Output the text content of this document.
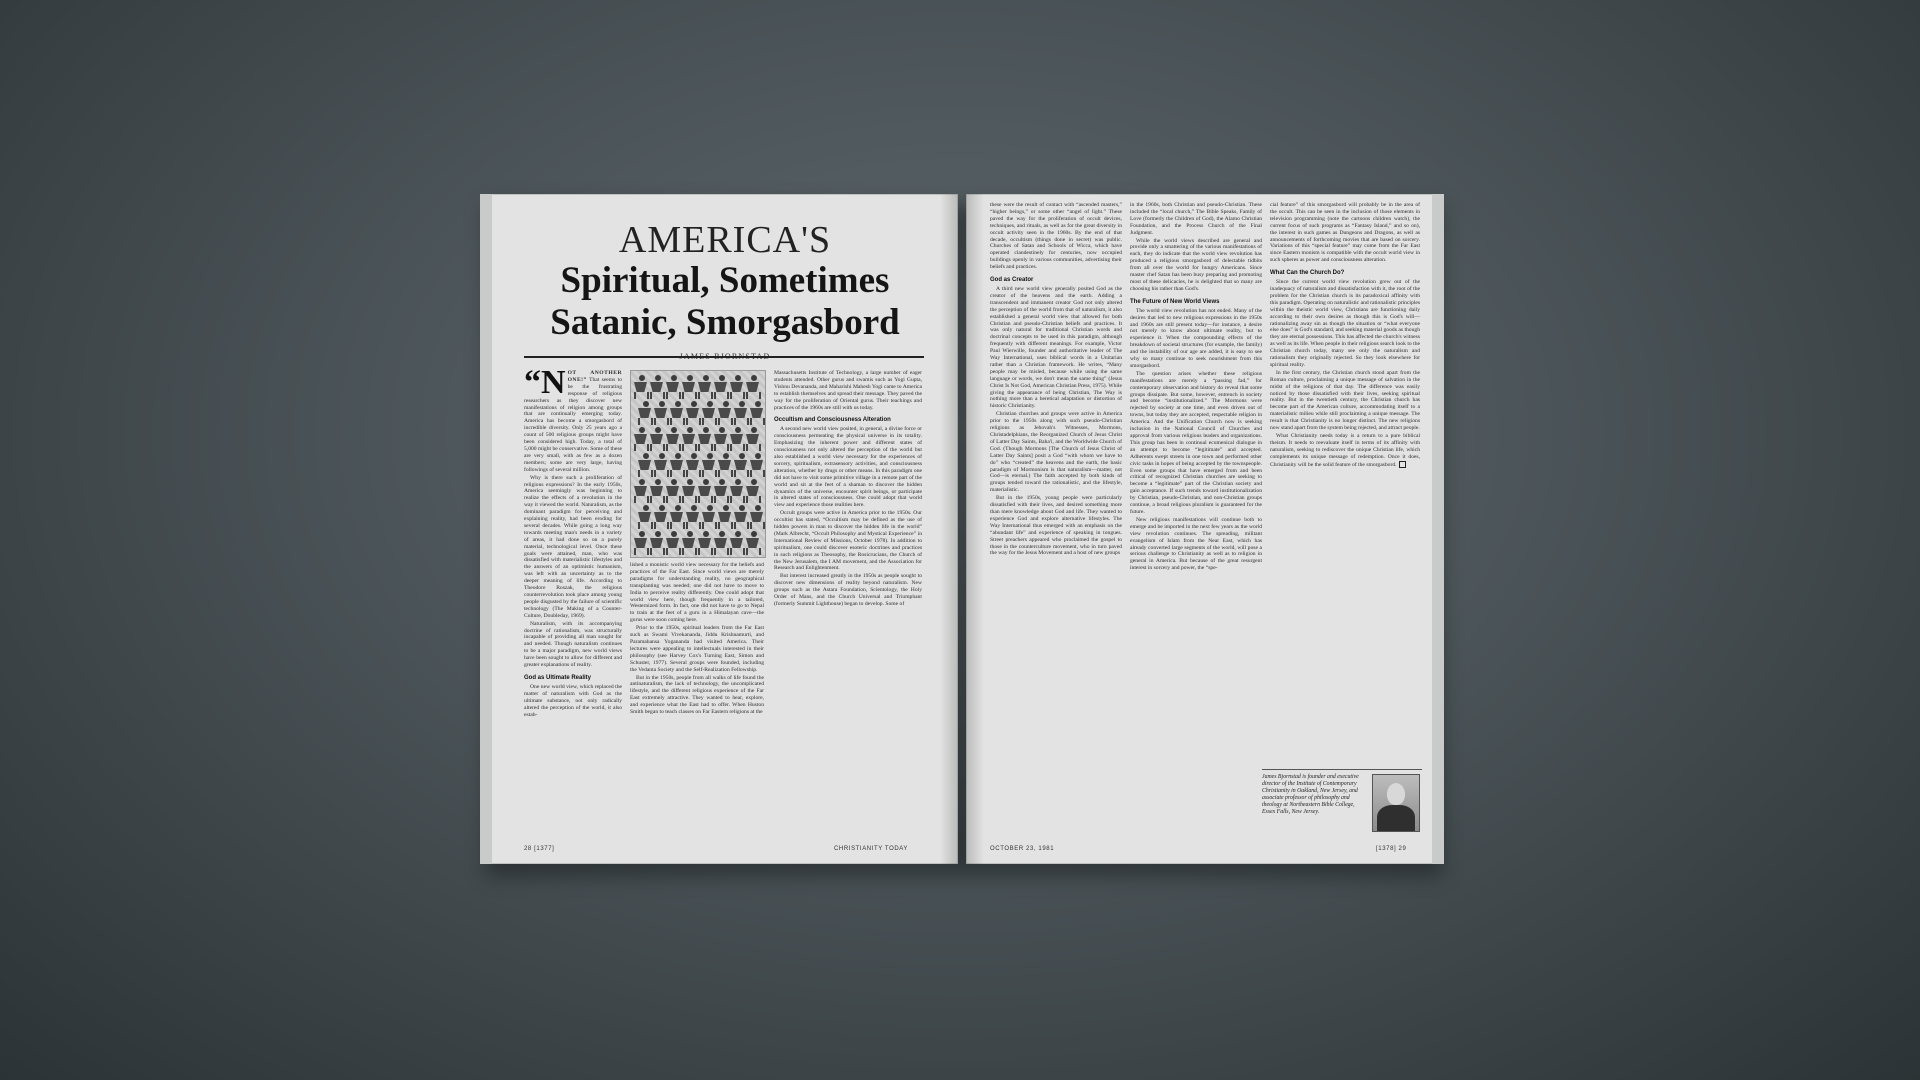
AMERICA'S
Spiritual, Sometimes
Satanic, Smorgasbord

“NOT ANOTHER ONE!” That seems to be the frustrating response of religious researchers as they discover new manifestations of religion among groups that are continually emerging today. America has become a smorgasbord of incredible diversity. Only 25 years ago a count of 500 religious groups might have been considered high. Today, a total of 5,000 might be conservative. Some of these are very small, with as few as a dozen members; some are very large, having followings of several million.

Why is there such a proliferation of religious expressions? In the early 1950s, America seemingly was beginning to realize the effects of a revolution in the way it viewed the world. Naturalism, as the dominant paradigm for perceiving and explaining reality, had been eroding for several decades. While going a long way towards meeting man's needs in a variety of areas, it had done so on a purely material, technological level. Once these goals were attained, man, who was dissatisfied with materialistic lifestyles and the answers of an optimistic humanism, was left with an uncertainty as to the deeper meaning of life. According to Theodore Roszak, the religious counterrevolution took place among young people disgusted by the failure of scientific technology (The Making of a Counter-Culture, Doubleday, 1969).

Naturalism, with its accompanying doctrine of rationalism, was structurally incapable of providing all man sought for and needed. Though naturalism continues to be a major paradigm, new world views have been sought to allow for different and greater explanations of reality.

God as Ultimate Reality

One new world view, which replaced the matter of naturalism with God as the ultimate substance, not only radically altered the perception of the world, it also estab-

lished a monistic world view necessary for the beliefs and practices of the Far East. Since world views are merely paradigms for understanding reality, no geographical transplanting was needed; one did not have to move to India to perceive reality differently. One could adopt that world view here, though frequently in a tailored, Westernized form. In fact, one did not have to go to Nepal to train at the feet of a guru in a Himalayan cave—the gurus were soon coming here.

Prior to the 1950s, spiritual leaders from the Far East such as Swami Vivekananda, Jiddu Krishnamurti, and Paramahansa Yogananda had visited America. Their lectures were appealing to intellectuals interested in their philosophy (see Harvey Cox's Turning East, Simon and Schuster, 1977). Several groups were founded, including the Vedanta Society and the Self-Realization Fellowship.

But in the 1950s, people from all walks of life found the antinaturalism, the lack of technology, the uncomplicated lifestyle, and the different religious experience of the Far East extremely attractive. They wanted to hear, explore, and experience what the East had to offer. When Huston Smith began to teach classes on Far Eastern religions at the

Massachusetts Institute of Technology, a large number of eager students attended. Other gurus and swamis such as Yogi Gupta, Vishnu Devananda, and Maharishi Mahesh Yogi came to America to establish themselves and spread their message. They paved the way for the proliferation of Oriental gurus. Their teachings and practices of the 1960s are still with us today.

Occultism and Consciousness Alteration

A second new world view posited, in general, a divine force or consciousness permeating the physical universe in its totality. Emphasizing the inherent power and different states of consciousness not only altered the perception of the world but also established a world view necessary for the experiences of sorcery, spiritualism, extrasensory activities, and consciousness alteration, whether by drugs or other means. In this paradigm one did not have to visit some primitive village in a remote part of the world and sit at the feet of a shaman to discover the hidden dynamics of the universe, encounter spirit beings, or participate in altered states of consciousness. One could adopt that world view and experience those realities here.

Occult groups were active in America prior to the 1950s. Our occultist has stated, “Occultism may be defined as the use of hidden powers in man to discover the hidden life in the world” (Mark Albrecht, “Occult Philosophy and Mystical Experience” in International Review of Missions, October 1978). In addition to spiritualism, one could discover esoteric doctrines and practices in such religions as Theosophy, the Rosicrucians, the Church of the New Jerusalem, the I AM movement, and the Association for Research and Enlightenment.

But interest increased greatly in the 1950s as people sought to discover new dimensions of reality beyond naturalism. New groups such as the Astara Foundation, Scientology, the Holy Order of Mans, and the Church Universal and Triumphant (formerly Summit Lighthouse) began to develop. Some of

28 [1377]	CHRISTIANITY TODAY

these were the result of contact with “ascended masters,” “higher beings,” or some other “angel of light.” These paved the way for the proliferation of occult devices, techniques, and rituals, as well as for the great diversity in occult activity seen in the 1960s. By the end of that decade, occultism (things done in secret) was public. Churches of Satan and Schools of Wicca, which have operated clandestinely for centuries, now occupied buildings openly in various communities, advertising their beliefs and practices.

God as Creator

A third new world view generally posited God as the creator of the heavens and the earth. Adding a transcendent and immanent creator God not only altered the perception of the world from that of naturalism, it also established a general world view that allowed for both Christian and pseudo-Christian beliefs and practices. It was only natural for traditional Christian words and doctrinal concepts to be used in this paradigm, although frequently with different meanings. For example, Victor Paul Wierwille, founder and authoritative leader of The Way International, uses biblical words in a Unitarian rather than a Christian framework. He writes, “Many people may be misled, because while using the same language or words, we don't mean the same thing” (Jesus Christ Is Not God, American Christian Press, 1975). While giving the appearance of being Christian, The Way is nothing more than a heretical adaptation or distortion of historic Christianity.

Christian churches and groups were active in America prior to the 1950s along with such pseudo-Christian religions as Jehovah's Witnesses, Mormons, Christadelphians, the Reorganized Church of Jesus Christ of Latter Day Saints, Baha'i, and the Worldwide Church of God. (Though Mormons [The Church of Jesus Christ of Latter Day Saints] posit a God “with whom we have to do” who “created” the heavens and the earth, the basic paradigm of Mormonism is that naturalism—matter, not God—is eternal.) The faith accepted by both kinds of groups tended toward the rationalistic, and the lifestyle, materialistic.

But in the 1950s, young people were particularly dissatisfied with their lives, and desired something more than mere knowledge about God and life. They wanted to experience God and explore alternative lifestyles. The Way International thus emerged with an emphasis on the “abundant life” and experience of speaking in tongues. Street preachers appeared who proclaimed the gospel to those in the counterculture movement, who in turn paved the way for the Jesus Movement and a host of new groups

in the 1960s, both Christian and pseudo-Christian. These included the “local church,” The Bible Speaks, Family of Love (formerly the Children of God), the Alamo Christian Foundation, and the Process Church of the Final Judgment.

While the world views described are general and provide only a smattering of the various manifestations of each, they do indicate that the world view revolution has produced a religious smorgasbord of delectable tidbits from all over the world for hungry Americans. Since master chef Satan has been busy preparing and promoting most of these delicacies, he is delighted that so many are choosing his rather than God's.

The Future of New World Views

The world view revolution has not ended. Many of the desires that led to new religious expressions in the 1950s and 1960s are still present today—for instance, a desire not merely to know about ultimate reality, but to experience it. When the compounding effects of the breakdown of societal structures (for example, the family) and the instability of our age are added, it is easy to see why so many continue to seek nourishment from this smorgasbord.

The question arises whether these religious manifestations are merely a “passing fad,” for contemporary observation and history do reveal that some groups dissipate. But some, however, entrench in society and become “institutionalized.” The Mormons were rejected by society at one time, and even driven out of towns, but today they are accepted, respectable religion in America. And the Unification Church now is seeking inclusion in the National Council of Churches and approval from various religious leaders and organizations. This group has been in continual ecumenical dialogue in an attempt to become “legitimate” and accepted. Adherents swept streets in one town and performed other civic tasks in hopes of being accepted by the townspeople. Even some groups that have emerged from and been critical of recognized Christian churches are seeking to become a “legitimate” part of the Christian society and gain acceptance. If such trends toward institutionalization by Christian, pseudo-Christian, and non-Christian groups continue, a broad religious pluralism is guaranteed for the future.

New religious manifestations will continue both to emerge and be imported in the next few years as the world view revolution continues. The spreading, militant evangelism of Islam from the Near East, which has already converted large segments of the world, will pose a serious challenge to Christianity as well as to religion in general in America. But because of the great resurgent interest in sorcery and power, the “spe-

cial feature” of this smorgasbord will probably be in the area of the occult. This can be seen in the inclusion of those elements in television programming (note the cartoons children watch), the current focus of such programs as “Fantasy Island,” and so on), the interest in such games as Dungeons and Dragons, as well as announcements of forthcoming movies that are based on sorcery. Variations of this “special feature” may come from the Far East since Eastern monism is compatible with the occult world view in such spheres as power and consciousness alteration.

What Can the Church Do?

Since the current world view revolution grew out of the inadequacy of naturalism and dissatisfaction with it, the root of the problem for the Christian church is its paradoxical affinity with this paradigm. Operating on naturalistic and rationalistic principles within the theistic world view, Christians are functioning daily according to their own desires as though this is God's will—rationalizing away sin as though the situation or “what everyone else does” is God's standard, and seeking material goods as though they are eternal possessions. This has affected the church's witness as well as its life. When people in their religious search look to the Christian church today, many see only the naturalism and rationalism they originally rejected. So they look elsewhere for spiritual reality.

In the first century, the Christian church stood apart from the Roman culture, proclaiming a unique message of salvation in the midst of the religions of that day. The difference was easily noticed by those dissatisfied with their lives, seeking spiritual reality. But in the twentieth century, the Christian church has become part of the American culture, accommodating itself to a materialistic milieu while still proclaiming a unique message. The result is that Christianity is no longer distinct. The new religions now stand apart from the system being rejected, and attract people.

What Christianity needs today is a return to a pure biblical theism. It needs to reevaluate itself in terms of its affinity with naturalism, seeking to rediscover the unique Christian life, which complements its unique message of redemption. Once it does, Christianity will be the solid feature of the smorgasbord.

James Bjornstad is founder and executive director of the Institute of Contemporary Christianity in Oakland, New Jersey, and associate professor of philosophy and theology at Northeastern Bible College, Essex Falls, New Jersey.
OCTOBER 23, 1981	[1378] 29
